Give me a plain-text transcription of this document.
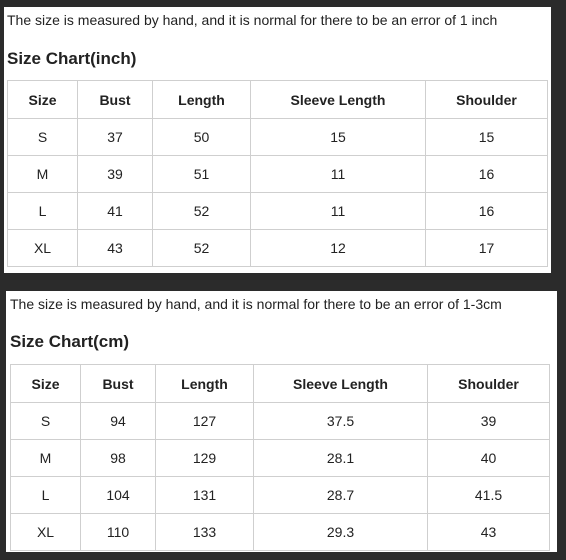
The size is measured by hand, and it is normal for there to be an error of 1 inch
Size Chart(inch)
Size	Bust	Length	Sleeve Length	Shoulder
S	37	50	15	15
M	39	51	11	16
L	41	52	11	16
XL	43	52	12	17
The size is measured by hand, and it is normal for there to be an error of 1-3cm
Size Chart(cm)
Size	Bust	Length	Sleeve Length	Shoulder
S	94	127	37.5	39
M	98	129	28.1	40
L	104	131	28.7	41.5
XL	110	133	29.3	43
